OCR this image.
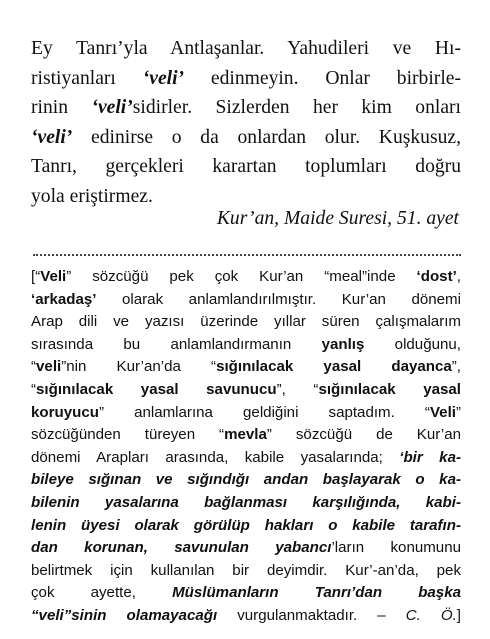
Ey Tanrı’yla Antlaşanlar. Yahudileri ve Hı-
ristiyanları ‘veli’ edinmeyin. Onlar birbirle-
rinin ‘veli’sidirler. Sizlerden her kim onları
‘veli’ edinirse o da onlardan olur. Kuşkusuz,
Tanrı, gerçekleri karartan toplumları doğru
yola eriştirmez.
Kur’an, Maide Suresi, 51. ayet
[“Veli” sözcüğü pek çok Kur’an “meal”inde ‘dost’,
‘arkadaş’ olarak anlamlandırılmıştır. Kur’an dönemi
Arap dili ve yazısı üzerinde yıllar süren çalışmalarım
sırasında bu anlamlandırmanın yanlış olduğunu,
“veli”nin Kur’an’da “sığınılacak yasal dayanca”,
“sığınılacak yasal savunucu”, “sığınılacak yasal
koruyucu” anlamlarına geldiğini saptadım. “Veli”
sözcüğünden türeyen “mevla” sözcüğü de Kur’an
dönemi Arapları arasında, kabile yasalarında; ‘bir ka-
bileye sığınan ve sığındığı andan başlayarak o ka-
bilenin yasalarına bağlanması karşılığında, kabi-
lenin üyesi olarak görülüp hakları o kabile tarafın-
dan korunan, savunulan yabancı’ların konumunu
belirtmek için kullanılan bir deyimdir. Kur’-an’da, pek
çok ayette, Müslümanların Tanrı’dan başka
“veli”sinin olamayacağı vurgulanmaktadır. – C. Ö.]
